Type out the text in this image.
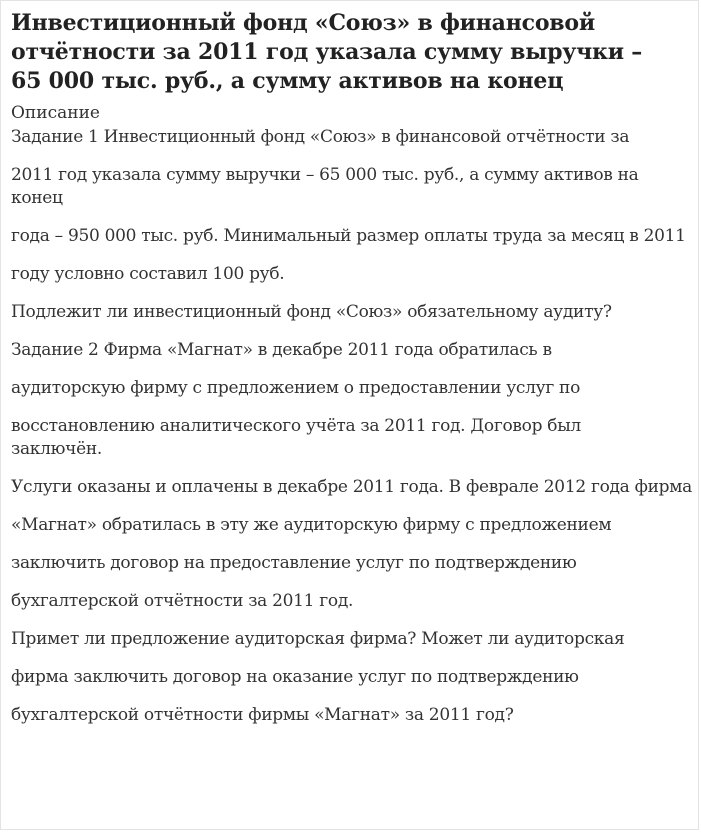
Инвестиционный фонд «Союз» в финансовой отчётности за 2011 год указала сумму выручки – 65 000 тыс. руб., а сумму активов на конец
Описание

Задание 1 Инвестиционный фонд «Союз» в финансовой отчётности за

2011 год указала сумму выручки – 65 000 тыс. руб., а сумму активов на конец

года – 950 000 тыс. руб. Минимальный размер оплаты труда за месяц в 2011

году условно составил 100 руб.

Подлежит ли инвестиционный фонд «Союз» обязательному аудиту?

Задание 2 Фирма «Магнат» в декабре 2011 года обратилась в

аудиторскую фирму с предложением о предоставлении услуг по

восстановлению аналитического учёта за 2011 год. Договор был заключён.

Услуги оказаны и оплачены в декабре 2011 года. В феврале 2012 года фирма

«Магнат» обратилась в эту же аудиторскую фирму с предложением

заключить договор на предоставление услуг по подтверждению

бухгалтерской отчётности за 2011 год.

Примет ли предложение аудиторская фирма? Может ли аудиторская

фирма заключить договор на оказание услуг по подтверждению

бухгалтерской отчётности фирмы «Магнат» за 2011 год?
